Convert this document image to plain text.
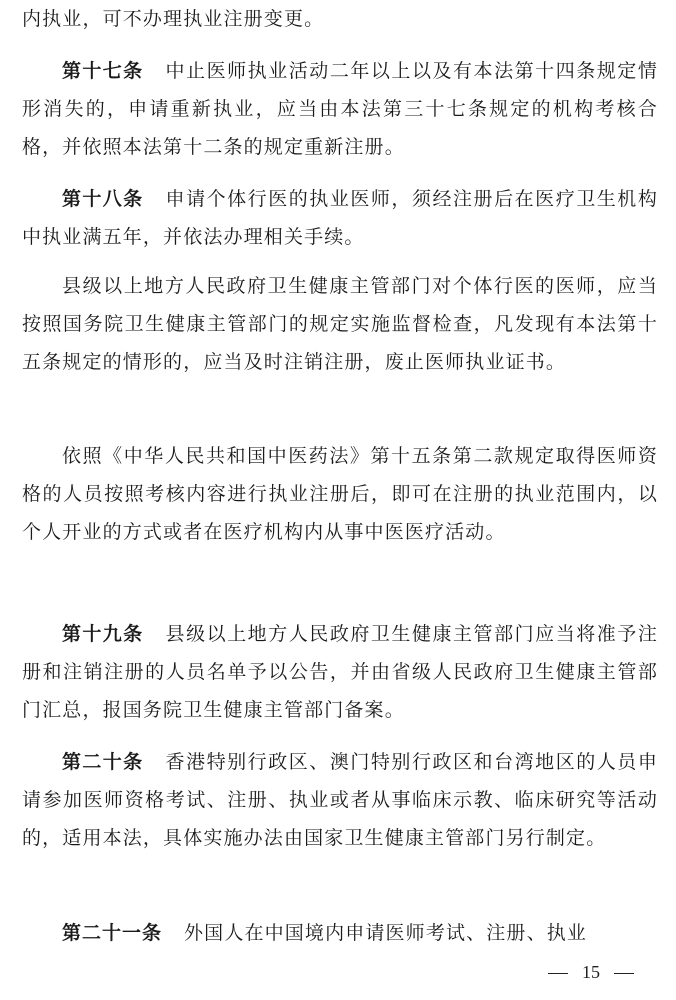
内执业，可不办理执业注册变更。

第十七条 中止医师执业活动二年以上以及有本法第十四条规定情形消失的，申请重新执业，应当由本法第三十七条规定的机构考核合格，并依照本法第十二条的规定重新注册。

第十八条 申请个体行医的执业医师，须经注册后在医疗卫生机构中执业满五年，并依法办理相关手续。

县级以上地方人民政府卫生健康主管部门对个体行医的医师，应当按照国务院卫生健康主管部门的规定实施监督检查，凡发现有本法第十五条规定的情形的，应当及时注销注册，废止医师执业证书。

依照《中华人民共和国中医药法》第十五条第二款规定取得医师资格的人员按照考核内容进行执业注册后，即可在注册的执业范围内，以个人开业的方式或者在医疗机构内从事中医医疗活动。

第十九条 县级以上地方人民政府卫生健康主管部门应当将准予注册和注销注册的人员名单予以公告，并由省级人民政府卫生健康主管部门汇总，报国务院卫生健康主管部门备案。

第二十条 香港特别行政区、澳门特别行政区和台湾地区的人员申请参加医师资格考试、注册、执业或者从事临床示教、临床研究等活动的，适用本法，具体实施办法由国家卫生健康主管部门另行制定。

第二十一条 外国人在中国境内申请医师考试、注册、执业

15
